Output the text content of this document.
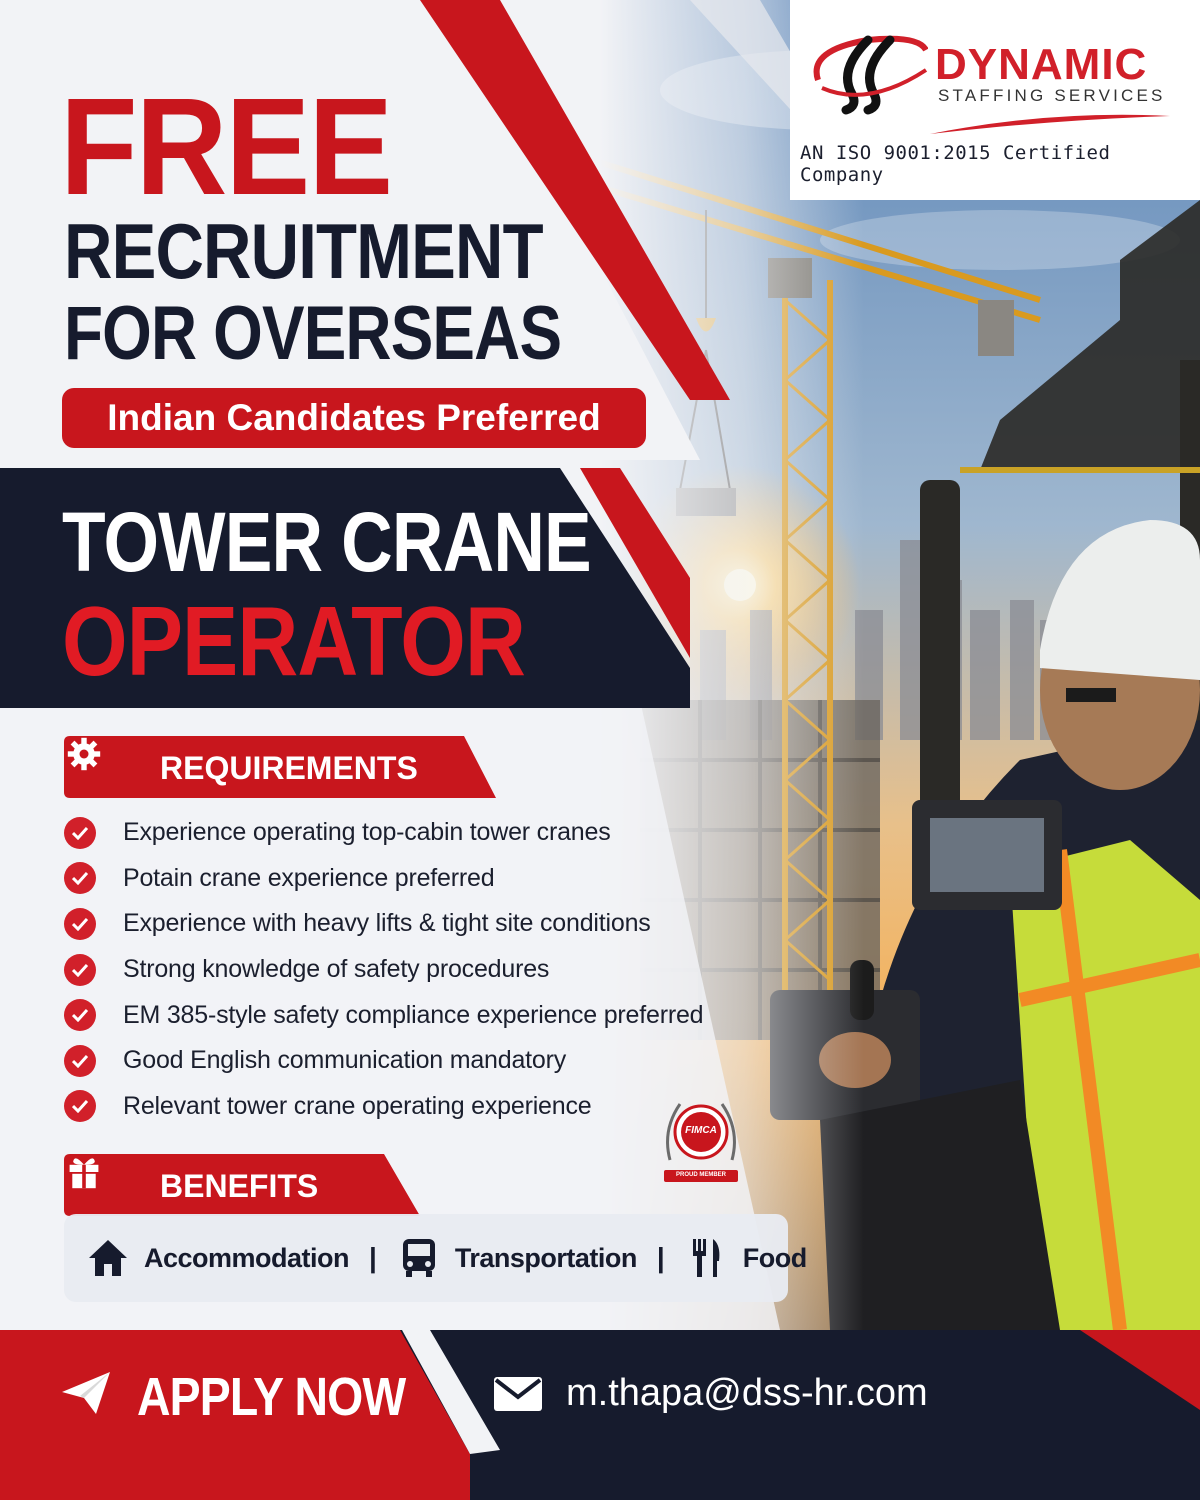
DYNAMIC
STAFFING SERVICES
AN ISO 9001:2015 Certified Company
FREE
RECRUITMENT
FOR OVERSEAS
Indian Candidates Preferred
TOWER CRANE
OPERATOR
REQUIREMENTS
Experience operating top-cabin tower cranes
Potain crane experience preferred
Experience with heavy lifts & tight site conditions
Strong knowledge of safety procedures
EM 385-style safety compliance experience preferred
Good English communication mandatory
Relevant tower crane operating experience
FIMCA
PROUD MEMBER
BENEFITS
Accommodation |	Transportation |	Food
APPLY NOW	m.thapa@dss-hr.com
